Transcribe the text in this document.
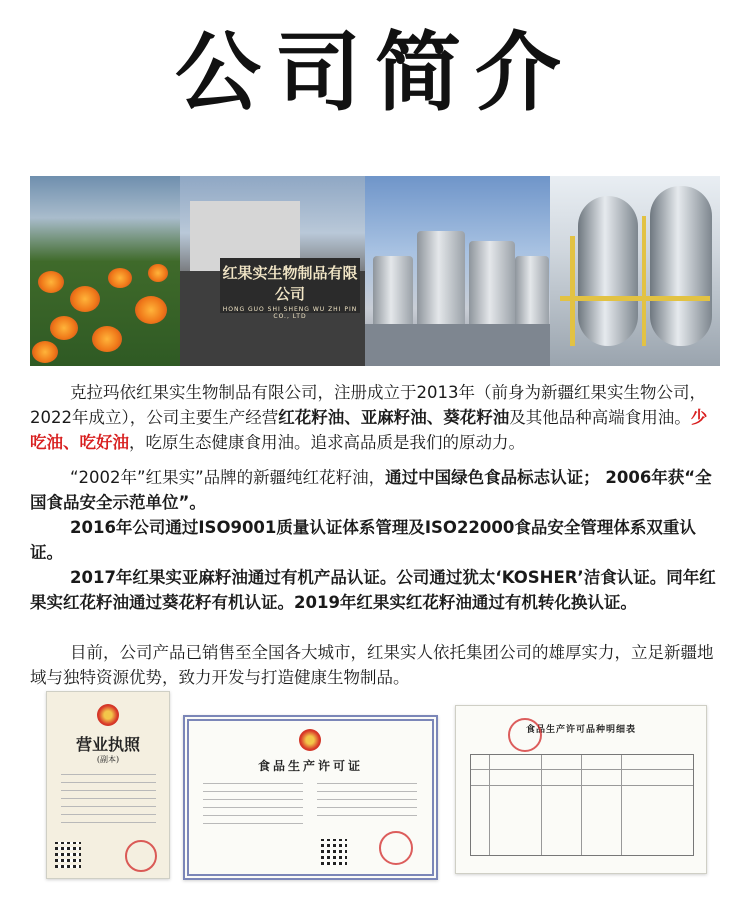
公司简介
红果实生物制品有限公司
HONG GUO SHI SHENG WU ZHI PIN CO., LTD
克拉玛依红果实生物制品有限公司，注册成立于2013年（前身为新疆红果实生物公司，2022年成立），公司主要生产经营红花籽油、亚麻籽油、葵花籽油及其他品种高端食用油。少吃油、吃好油，吃原生态健康食用油。追求高品质是我们的原动力。
“2002年”红果实”品牌的新疆纯红花籽油，通过中国绿色食品标志认证； 2006年获“全国食品安全示范单位”。
2016年公司通过ISO9001质量认证体系管理及ISO22000食品安全管理体系双重认证。
2017年红果实亚麻籽油通过有机产品认证。公司通过犹太‘KOSHER’洁食认证。同年红果实红花籽油通过葵花籽有机认证。2019年红果实红花籽油通过有机转化换认证。
目前，公司产品已销售至全国各大城市，红果实人依托集团公司的雄厚实力，立足新疆地域与独特资源优势，致力开发与打造健康生物制品。
营业执照
(副本)	食品生产许可证
食品生产许可品种明细表
